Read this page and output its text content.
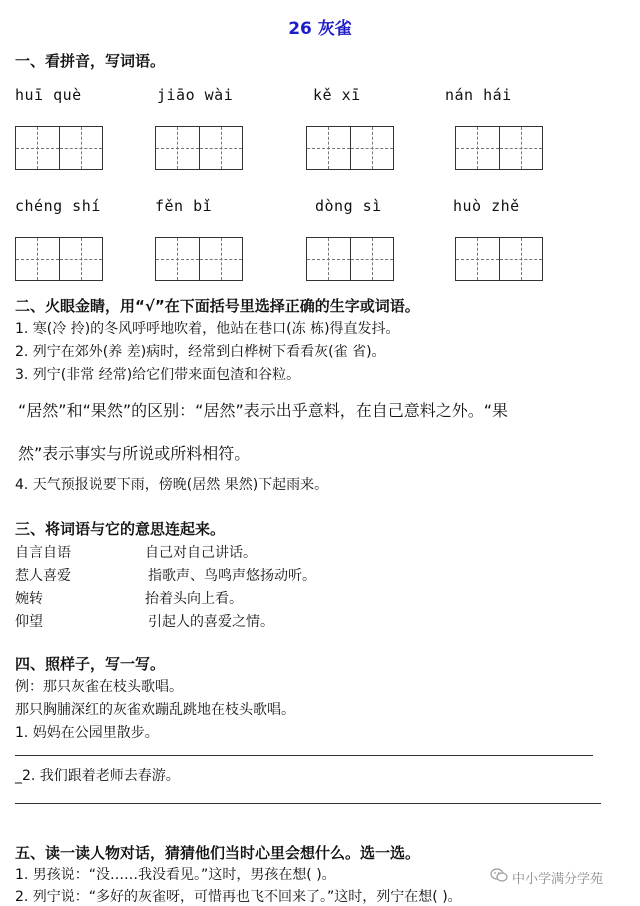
26 灰雀
一、看拼音，写词语。
huī què	jiāo wài	kě xī	nán hái
chéng shí	fěn bǐ	dòng sì	huò zhě
二、火眼金睛，用“√”在下面括号里选择正确的生字或词语。
1. 寒(冷 拎)的冬风呼呼地吹着，他站在巷口(冻 栋)得直发抖。
2. 列宁在郊外(养 差)病时，经常到白桦树下看看灰(雀 省)。
3. 列宁(非常 经常)给它们带来面包渣和谷粒。
“居然”和“果然”的区别：“居然”表示出乎意料，在自己意料之外。“果
然”表示事实与所说或所料相符。
4. 天气预报说要下雨，傍晚(居然 果然)下起雨来。
三、将词语与它的意思连起来。
自言自语	自己对自己讲话。
惹人喜爱	指歌声、鸟鸣声悠扬动听。
婉转	抬着头向上看。
仰望	引起人的喜爱之情。
四、照样子，写一写。
例：那只灰雀在枝头歌唱。
那只胸脯深红的灰雀欢蹦乱跳地在枝头歌唱。
1. 妈妈在公园里散步。
_2. 我们跟着老师去春游。
五、读一读人物对话，猜猜他们当时心里会想什么。选一选。
1. 男孩说：“没……我没看见。”这时，男孩在想( )。
2. 列宁说：“多好的灰雀呀，可惜再也飞不回来了。”这时，列宁在想( )。
中小学满分学苑
